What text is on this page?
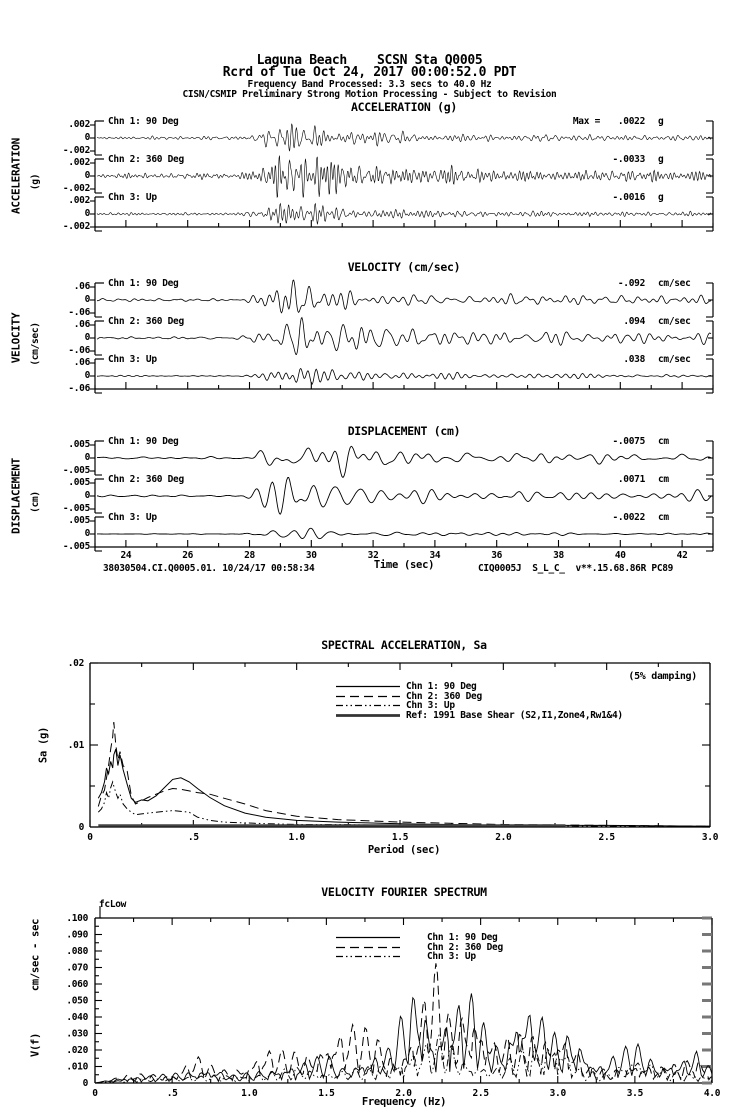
Laguna Beach    SCSN Sta Q0005
Rcrd of Tue Oct 24, 2017 00:00:52.0 PDT
Frequency Band Processed: 3.3 secs to 40.0 Hz
CISN/CSMIP Preliminary Strong Motion Processing - Subject to Revision
ACCELERATION (g)
VELOCITY (cm/sec)
DISPLACEMENT (cm)
ACCELERATION (g)
VELOCITY (cm/sec)
DISPLACEMENT (cm)
24	26	28	30	32	34	36	38	40	42
Time (sec)
38030504.CI.Q0005.01. 10/24/17 00:58:34	CIQ0005J  S_L_C_  v**.15.68.86R PC89
SPECTRAL ACCELERATION, Sa
Sa (g)
(5% damping)
.02
.01
0
0	.5	1.0	1.5	2.0	2.5	3.0
Period (sec)
Chn 1: 90 Deg
Chn 2: 360 Deg
Chn 3: Up
Ref: 1991 Base Shear (S2,I1,Zone4,Rw1&4)
VELOCITY FOURIER SPECTRUM
fcLow
cm/sec - sec
V(f)
.100
.090
.080
.070
.060
.050
.040
.030
.020
.010
0
0	.5	1.0	1.5	2.0	2.5	3.0	3.5	4.0
Frequency (Hz)
Chn 1: 90 Deg
Chn 2: 360 Deg
Chn 3: Up
Chn 1: 90 Deg	Max =	.0022 g
.002
0
-.002
Chn 2: 360 Deg	-.0033 g
.002
0
-.002
Chn 3: Up	-.0016 g
.002
0
-.002
Chn 1: 90 Deg	-.092 cm/sec
.06
0
-.06
Chn 2: 360 Deg	.094 cm/sec
.06
0
-.06
Chn 3: Up	.038 cm/sec
.06
0
-.06
Chn 1: 90 Deg	-.0075 cm
.005
0
-.005
Chn 2: 360 Deg	.0071 cm
.005
0
-.005
Chn 3: Up	-.0022 cm
.005
0
-.005
